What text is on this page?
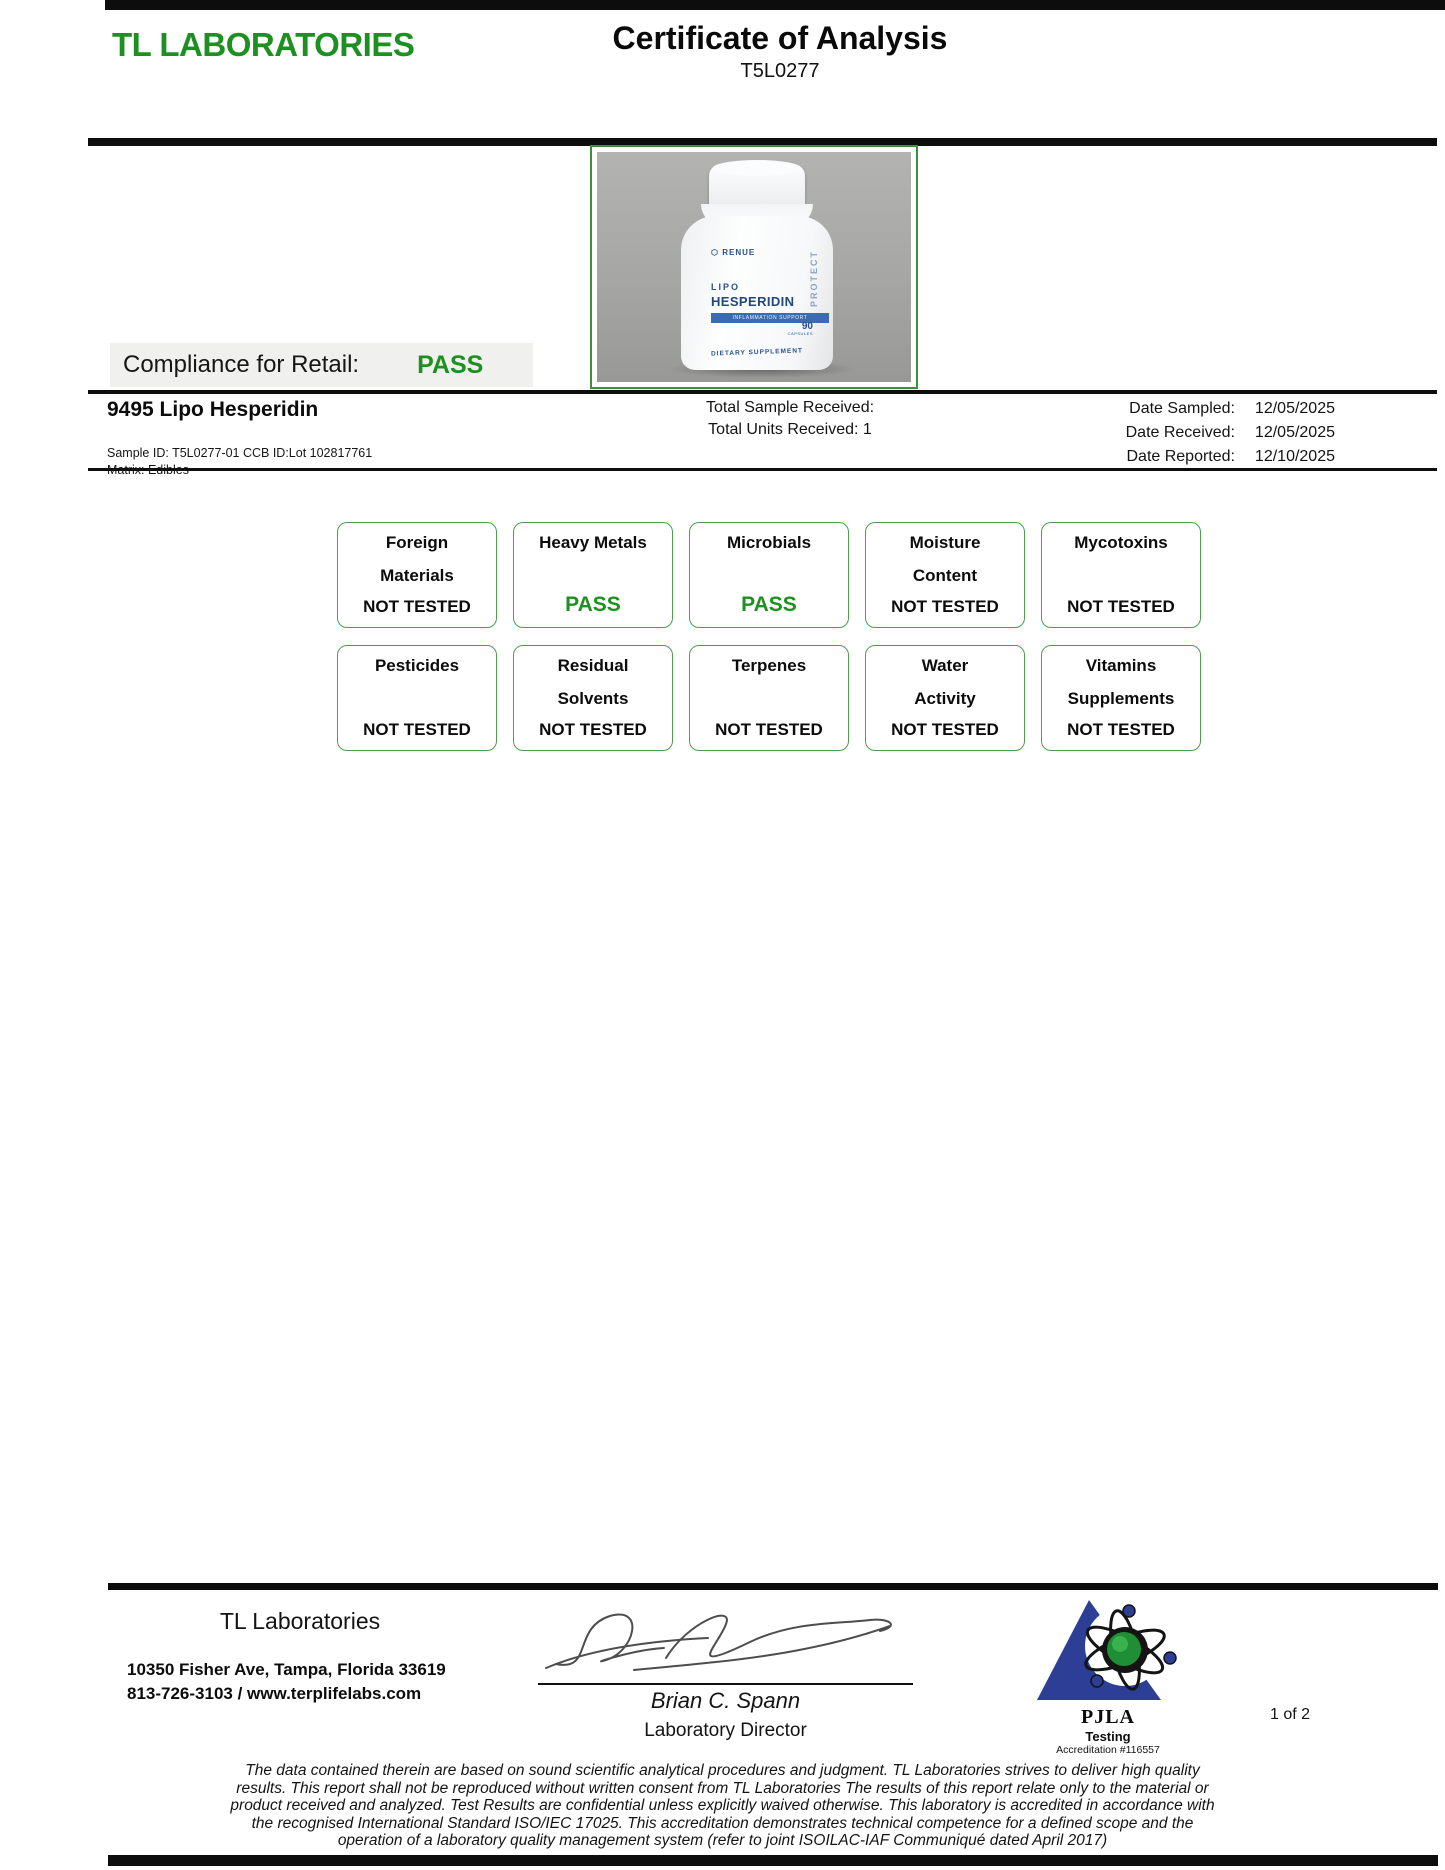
TL LABORATORIES	Certificate of Analysis
T5L0277
⬡ RENUE
LIPO
HESPERIDIN
INFLAMMATION SUPPORT
PROTECT
90
CAPSULES
DIETARY SUPPLEMENT
Compliance for Retail: PASS
9495 Lipo Hesperidin
Sample ID: T5L0277-01 CCB ID:Lot 102817761
Matrix: Edibles
Total Sample Received:
Total Units Received: 1
Date Sampled:	12/05/2025
Date Received:	12/05/2025
Date Reported:	12/10/2025
Foreign
Materials
NOT TESTED
Heavy Metals
PASS
Microbials
PASS
Moisture
Content
NOT TESTED
Mycotoxins
NOT TESTED
Pesticides
NOT TESTED
Residual
Solvents
NOT TESTED
Terpenes
NOT TESTED
Water
Activity
NOT TESTED
Vitamins
Supplements
NOT TESTED
TL Laboratories
10350 Fisher Ave, Tampa, Florida 33619
813-726-3103 / www.terplifelabs.com	Brian C. Spann
Laboratory Director
PJLA
Testing
Accreditation #116557
1 of 2
The data contained therein are based on sound scientific analytical procedures and judgment. TL Laboratories strives to deliver high quality
results. This report shall not be reproduced without written consent from TL Laboratories The results of this report relate only to the material or
product received and analyzed. Test Results are confidential unless explicitly waived otherwise. This laboratory is accredited in accordance with
the recognised International Standard ISO/IEC 17025. This accreditation demonstrates technical competence for a defined scope and the
operation of a laboratory quality management system (refer to joint ISOILAC-IAF Communiqué dated April 2017)
